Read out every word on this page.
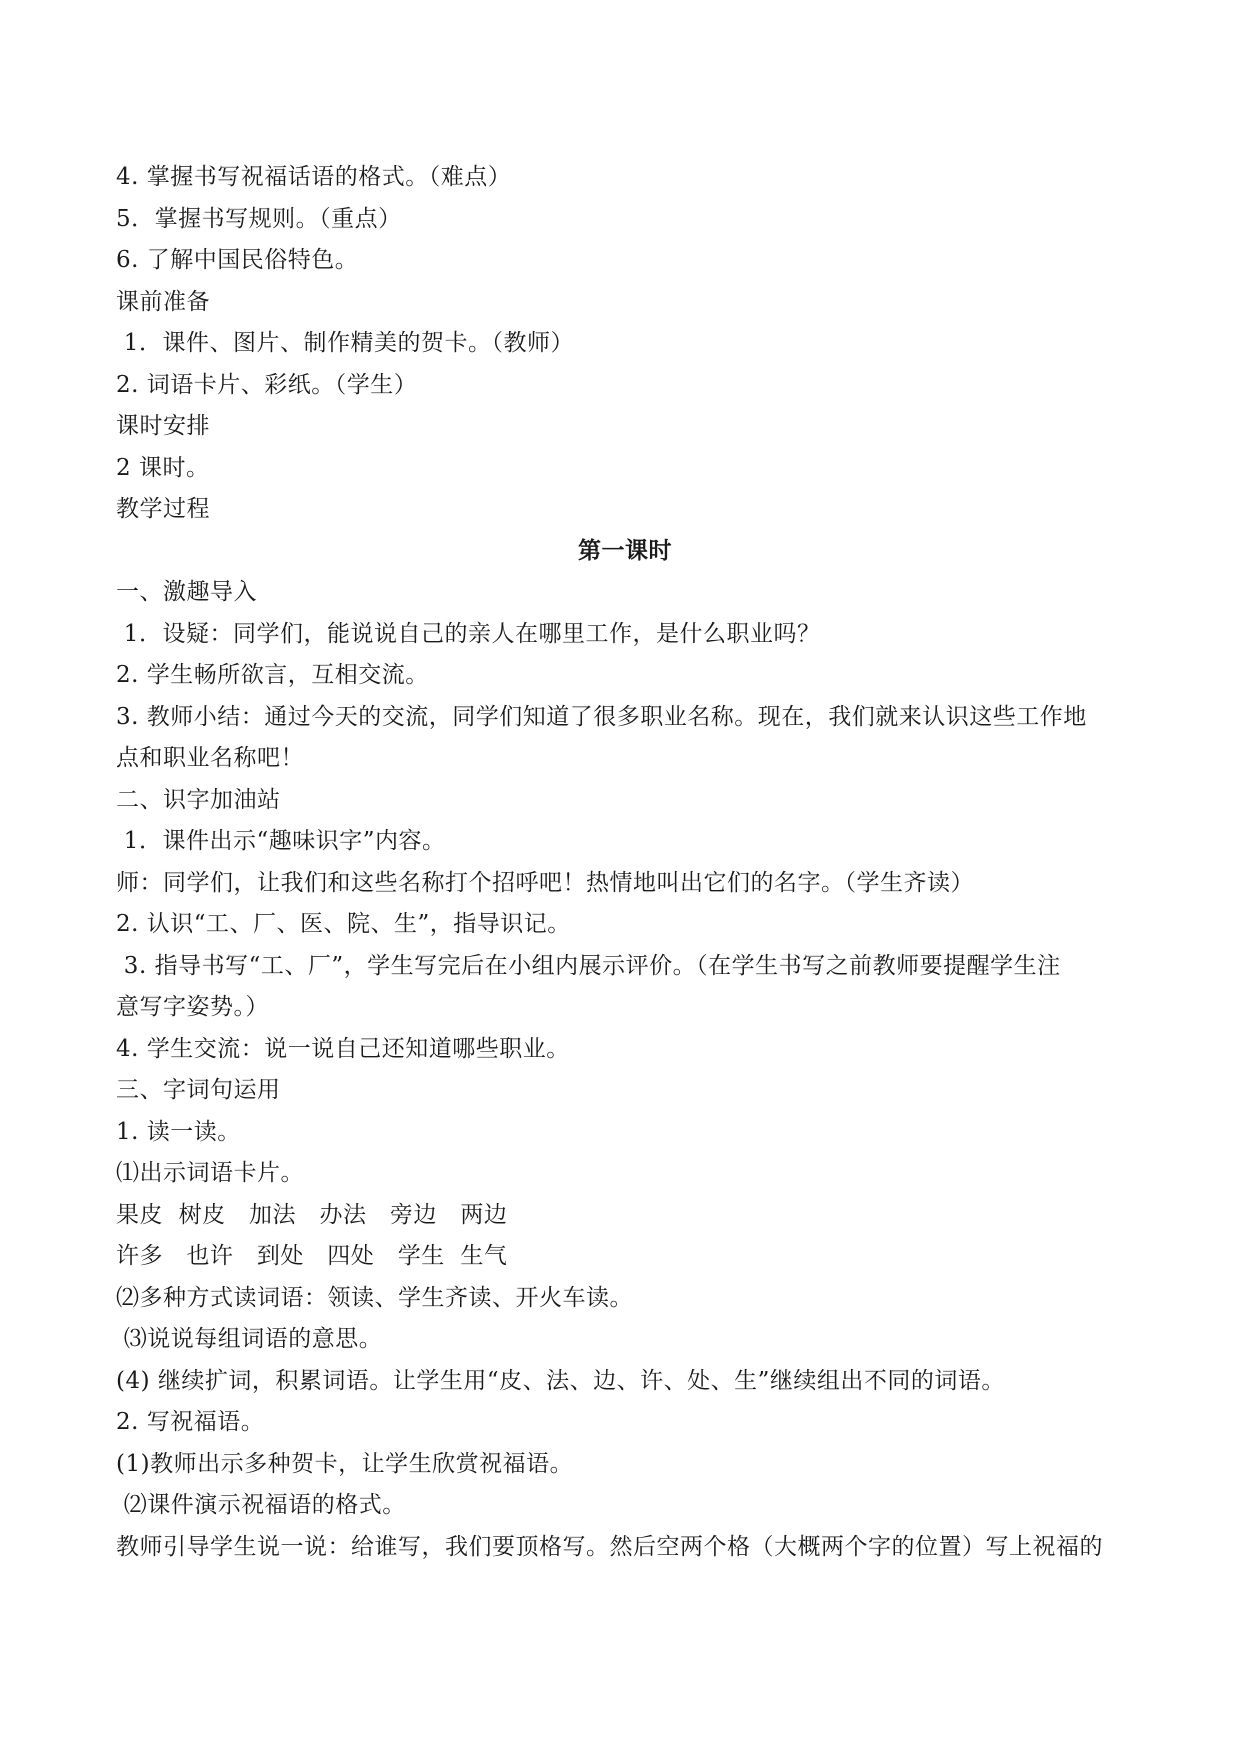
4. 掌握书写祝福话语的格式。（难点）
5．掌握书写规则。（重点）
6. 了解中国民俗特色。
课前准备
1．课件、图片、制作精美的贺卡。（教师）
2. 词语卡片、彩纸。（学生）
课时安排
2 课时。
教学过程
第一课时
一、激趣导入
1．设疑：同学们，能说说自己的亲人在哪里工作，是什么职业吗？
2. 学生畅所欲言，互相交流。
3. 教师小结：通过今天的交流，同学们知道了很多职业名称。现在，我们就来认识这些工作地
点和职业名称吧！
二、识字加油站
1．课件出示“趣味识字”内容。
师：同学们，让我们和这些名称打个招呼吧！热情地叫出它们的名字。（学生齐读）
2. 认识“工、厂、医、院、生”，指导识记。
3. 指导书写“工、厂”，学生写完后在小组内展示评价。（在学生书写之前教师要提醒学生注
意写字姿势。）
4. 学生交流：说一说自己还知道哪些职业。
三、字词句运用
1. 读一读。
⑴出示词语卡片。
果皮  树皮   加法   办法   旁边   两边
许多   也许   到处   四处   学生  生气
⑵多种方式读词语：领读、学生齐读、开火车读。
⑶说说每组词语的意思。
(4) 继续扩词，积累词语。让学生用“皮、法、边、许、处、生”继续组出不同的词语。
2. 写祝福语。
(1)教师出示多种贺卡，让学生欣赏祝福语。
⑵课件演示祝福语的格式。
教师引导学生说一说：给谁写，我们要顶格写。然后空两个格（大概两个字的位置）写上祝福的
